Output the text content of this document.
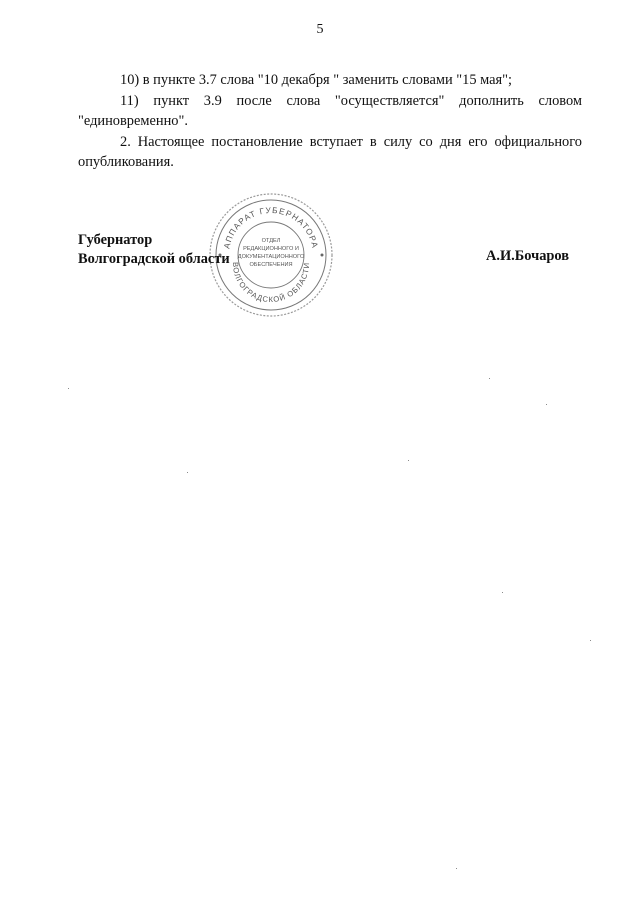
5

10) в пункте 3.7 слова "10 декабря " заменить словами "15 мая";

11) пункт 3.9 после слова "осуществляется" дополнить словом "единовременно".

2. Настоящее постановление вступает в силу со дня его официального опубликования.

АППАРАТ ГУБЕРНАТОРА
ВОЛГОГРАДСКОЙ ОБЛАСТИ
ОТДЕЛ
РЕДАКЦИОННОГО И
ДОКУМЕНТАЦИОННОГО
ОБЕСПЕЧЕНИЯ
Губернатор
Волгоградской области	А.И.Бочаров
